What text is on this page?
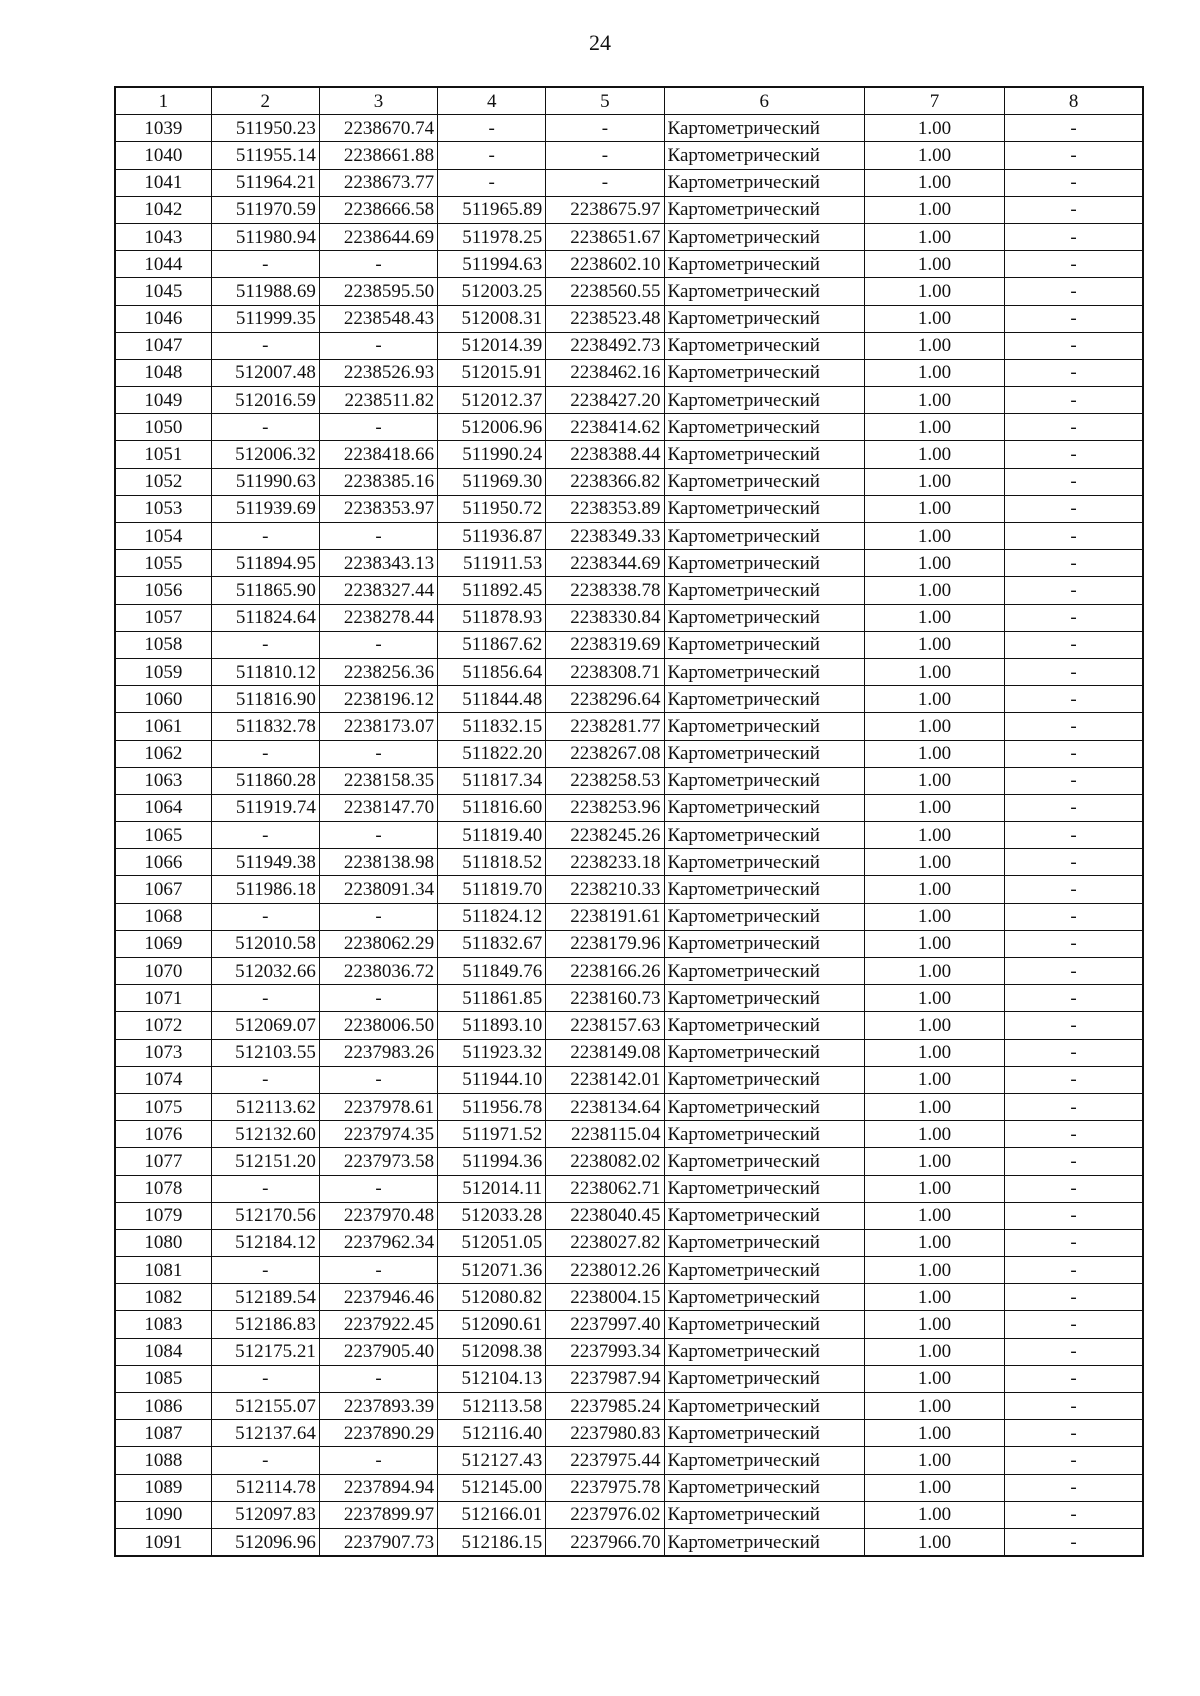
24
1	2	3	4	5	6	7	8
1039	511950.23	2238670.74	-	-	Картометрический	1.00	-
1040	511955.14	2238661.88	-	-	Картометрический	1.00	-
1041	511964.21	2238673.77	-	-	Картометрический	1.00	-
1042	511970.59	2238666.58	511965.89	2238675.97	Картометрический	1.00	-
1043	511980.94	2238644.69	511978.25	2238651.67	Картометрический	1.00	-
1044	-	-	511994.63	2238602.10	Картометрический	1.00	-
1045	511988.69	2238595.50	512003.25	2238560.55	Картометрический	1.00	-
1046	511999.35	2238548.43	512008.31	2238523.48	Картометрический	1.00	-
1047	-	-	512014.39	2238492.73	Картометрический	1.00	-
1048	512007.48	2238526.93	512015.91	2238462.16	Картометрический	1.00	-
1049	512016.59	2238511.82	512012.37	2238427.20	Картометрический	1.00	-
1050	-	-	512006.96	2238414.62	Картометрический	1.00	-
1051	512006.32	2238418.66	511990.24	2238388.44	Картометрический	1.00	-
1052	511990.63	2238385.16	511969.30	2238366.82	Картометрический	1.00	-
1053	511939.69	2238353.97	511950.72	2238353.89	Картометрический	1.00	-
1054	-	-	511936.87	2238349.33	Картометрический	1.00	-
1055	511894.95	2238343.13	511911.53	2238344.69	Картометрический	1.00	-
1056	511865.90	2238327.44	511892.45	2238338.78	Картометрический	1.00	-
1057	511824.64	2238278.44	511878.93	2238330.84	Картометрический	1.00	-
1058	-	-	511867.62	2238319.69	Картометрический	1.00	-
1059	511810.12	2238256.36	511856.64	2238308.71	Картометрический	1.00	-
1060	511816.90	2238196.12	511844.48	2238296.64	Картометрический	1.00	-
1061	511832.78	2238173.07	511832.15	2238281.77	Картометрический	1.00	-
1062	-	-	511822.20	2238267.08	Картометрический	1.00	-
1063	511860.28	2238158.35	511817.34	2238258.53	Картометрический	1.00	-
1064	511919.74	2238147.70	511816.60	2238253.96	Картометрический	1.00	-
1065	-	-	511819.40	2238245.26	Картометрический	1.00	-
1066	511949.38	2238138.98	511818.52	2238233.18	Картометрический	1.00	-
1067	511986.18	2238091.34	511819.70	2238210.33	Картометрический	1.00	-
1068	-	-	511824.12	2238191.61	Картометрический	1.00	-
1069	512010.58	2238062.29	511832.67	2238179.96	Картометрический	1.00	-
1070	512032.66	2238036.72	511849.76	2238166.26	Картометрический	1.00	-
1071	-	-	511861.85	2238160.73	Картометрический	1.00	-
1072	512069.07	2238006.50	511893.10	2238157.63	Картометрический	1.00	-
1073	512103.55	2237983.26	511923.32	2238149.08	Картометрический	1.00	-
1074	-	-	511944.10	2238142.01	Картометрический	1.00	-
1075	512113.62	2237978.61	511956.78	2238134.64	Картометрический	1.00	-
1076	512132.60	2237974.35	511971.52	2238115.04	Картометрический	1.00	-
1077	512151.20	2237973.58	511994.36	2238082.02	Картометрический	1.00	-
1078	-	-	512014.11	2238062.71	Картометрический	1.00	-
1079	512170.56	2237970.48	512033.28	2238040.45	Картометрический	1.00	-
1080	512184.12	2237962.34	512051.05	2238027.82	Картометрический	1.00	-
1081	-	-	512071.36	2238012.26	Картометрический	1.00	-
1082	512189.54	2237946.46	512080.82	2238004.15	Картометрический	1.00	-
1083	512186.83	2237922.45	512090.61	2237997.40	Картометрический	1.00	-
1084	512175.21	2237905.40	512098.38	2237993.34	Картометрический	1.00	-
1085	-	-	512104.13	2237987.94	Картометрический	1.00	-
1086	512155.07	2237893.39	512113.58	2237985.24	Картометрический	1.00	-
1087	512137.64	2237890.29	512116.40	2237980.83	Картометрический	1.00	-
1088	-	-	512127.43	2237975.44	Картометрический	1.00	-
1089	512114.78	2237894.94	512145.00	2237975.78	Картометрический	1.00	-
1090	512097.83	2237899.97	512166.01	2237976.02	Картометрический	1.00	-
1091	512096.96	2237907.73	512186.15	2237966.70	Картометрический	1.00	-
